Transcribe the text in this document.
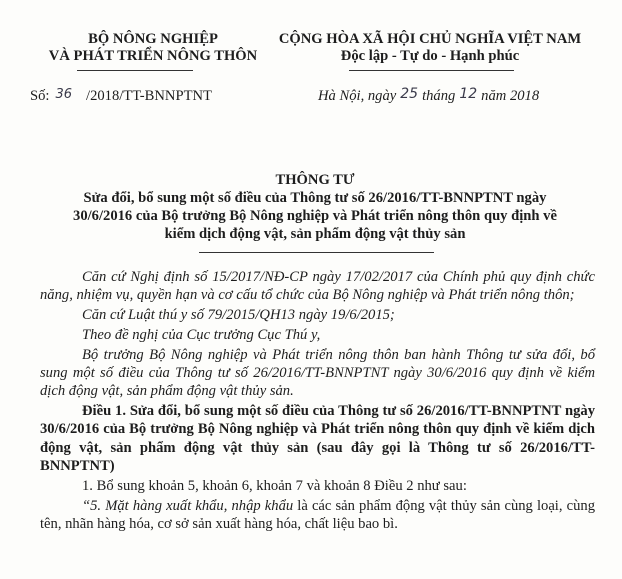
BỘ NÔNG NGHIỆP
VÀ PHÁT TRIỂN NÔNG THÔN
CỘNG HÒA XÃ HỘI CHỦ NGHĨA VIỆT NAM
Độc lập - Tự do - Hạnh phúc
Số: 36 /2018/TT-BNNPTNT	Hà Nội, ngày 25 tháng 12 năm 2018
THÔNG TƯ
Sửa đổi, bổ sung một số điều của Thông tư số 26/2016/TT-BNNPTNT ngày
30/6/2016 của Bộ trưởng Bộ Nông nghiệp và Phát triển nông thôn quy định về
kiểm dịch động vật, sản phẩm động vật thủy sản

Căn cứ Nghị định số 15/2017/NĐ-CP ngày 17/02/2017 của Chính phủ quy định chức năng, nhiệm vụ, quyền hạn và cơ cấu tổ chức của Bộ Nông nghiệp và Phát triển nông thôn;

Căn cứ Luật thú y số 79/2015/QH13 ngày 19/6/2015;

Theo đề nghị của Cục trưởng Cục Thú y,

Bộ trưởng Bộ Nông nghiệp và Phát triển nông thôn ban hành Thông tư sửa đổi, bổ sung một số điều của Thông tư số 26/2016/TT-BNNPTNT ngày 30/6/2016 quy định về kiểm dịch động vật, sản phẩm động vật thủy sản.

Điều 1. Sửa đổi, bổ sung một số điều của Thông tư số 26/2016/TT-BNNPTNT ngày 30/6/2016 của Bộ trưởng Bộ Nông nghiệp và Phát triển nông thôn quy định về kiểm dịch động vật, sản phẩm động vật thủy sản (sau đây gọi là Thông tư số 26/2016/TT-BNNPTNT)

1. Bổ sung khoản 5, khoản 6, khoản 7 và khoản 8 Điều 2 như sau:

“5. Mặt hàng xuất khẩu, nhập khẩu là các sản phẩm động vật thủy sản cùng loại, cùng tên, nhãn hàng hóa, cơ sở sản xuất hàng hóa, chất liệu bao bì.
